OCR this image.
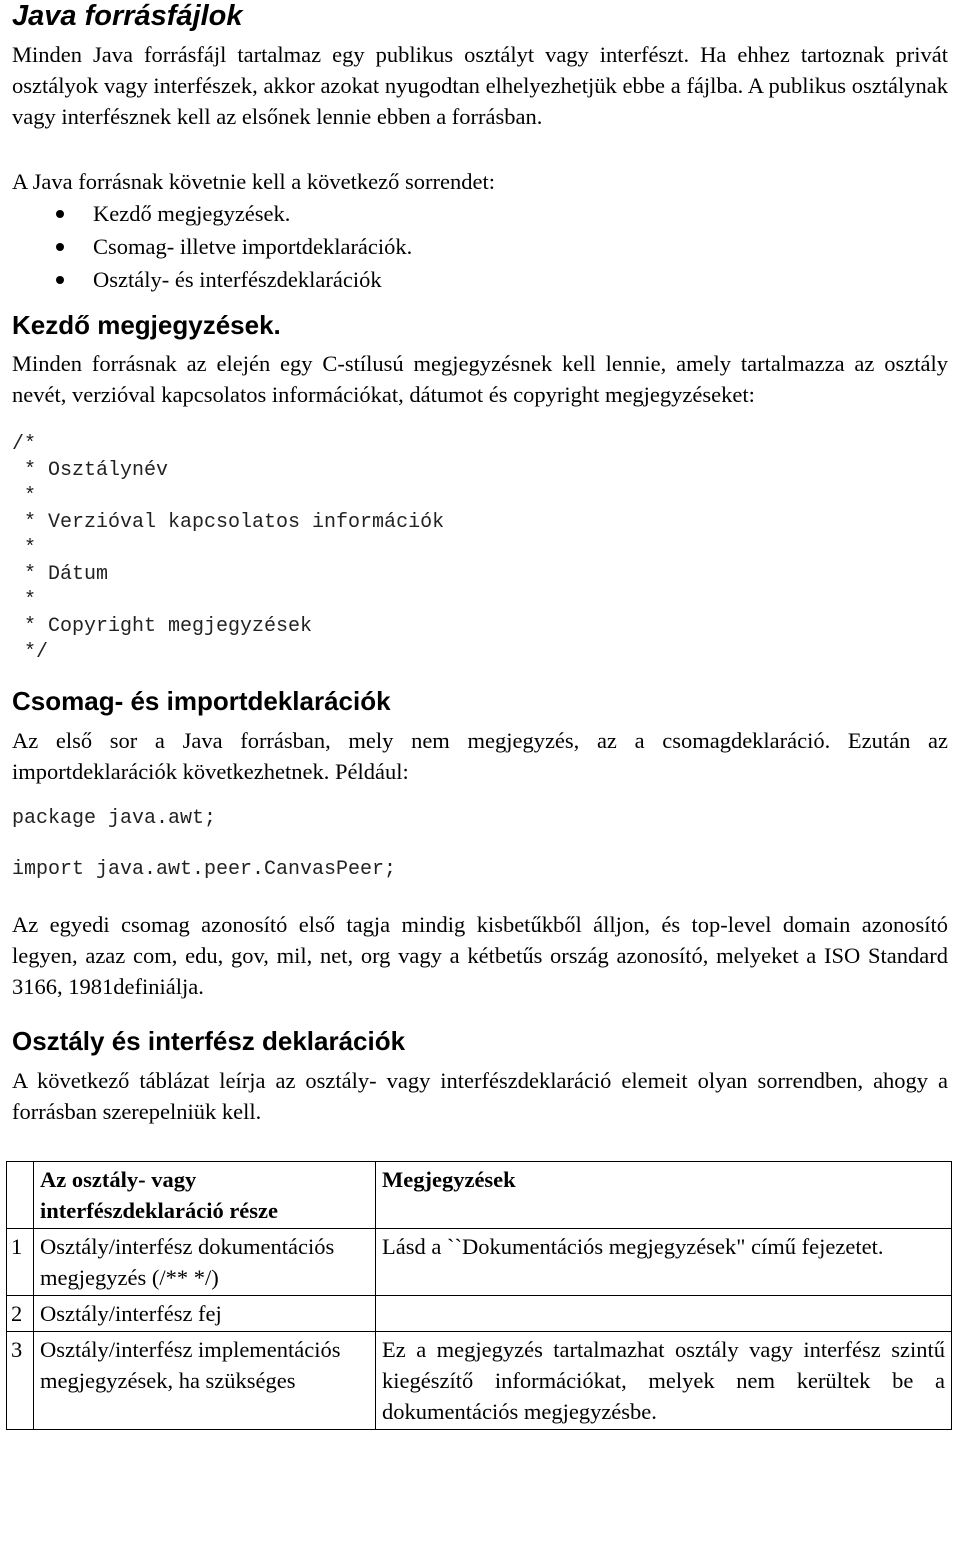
Java forrásfájlok

Minden Java forrásfájl tartalmaz egy publikus osztályt vagy interfészt. Ha ehhez tartoznak privát osztályok vagy interfészek, akkor azokat nyugodtan elhelyezhetjük ebbe a fájlba. A publikus osztálynak vagy interfésznek kell az elsőnek lennie ebben a forrásban.

A Java forrásnak követnie kell a következő sorrendet:

Kezdő megjegyzések.
Csomag- illetve importdeklarációk.
Osztály- és interfészdeklarációk
Kezdő megjegyzések.

Minden forrásnak az elején egy C-stílusú megjegyzésnek kell lennie, amely tartalmazza az osztály nevét, verzióval kapcsolatos információkat, dátumot és copyright megjegyzéseket:

/*
* Osztálynév
*
* Verzióval kapcsolatos információk
*
* Dátum
*
* Copyright megjegyzések
*/
Csomag- és importdeklarációk

Az első sor a Java forrásban, mely nem megjegyzés, az a csomagdeklaráció. Ezután az importdeklarációk következhetnek. Például:

package java.awt;
import java.awt.peer.CanvasPeer;

Az egyedi csomag azonosító első tagja mindig kisbetűkből álljon, és top-level domain azonosító legyen, azaz com, edu, gov, mil, net, org vagy a kétbetűs ország azonosító, melyeket a ISO Standard 3166, 1981definiálja.

Osztály és interfész deklarációk

A következő táblázat leírja az osztály- vagy interfészdeklaráció elemeit olyan sorrendben, ahogy a forrásban szerepelniük kell.

	Az osztály- vagy interfészdeklaráció része	Megjegyzések
1	Osztály/interfész dokumentációs megjegyzés (/** */)	Lásd a ``Dokumentációs megjegyzések" című fejezetet.
2	Osztály/interfész fej	
3	Osztály/interfész implementációs megjegyzések, ha szükséges	Ez a megjegyzés tartalmazhat osztály vagy interfész szintű kiegészítő információkat, melyek nem kerültek be a dokumentációs megjegyzésbe.
